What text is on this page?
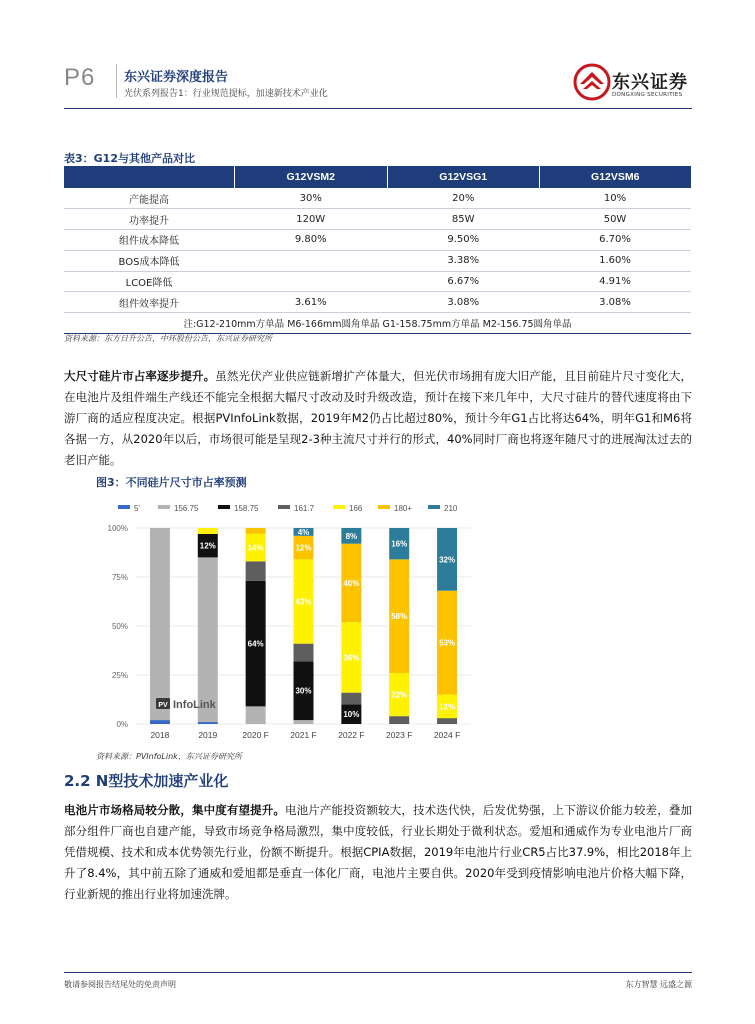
P6 东兴证券深度报告
光伏系列报告1：行业规范提标，加速新技术产业化
东兴证券
DONGXING SECURITIES
表3：G12与其他产品对比
	G12VSM2	G12VSG1	G12VSM6
产能提高	30%	20%	10%
功率提升	120W	85W	50W
组件成本降低	9.80%	9.50%	6.70%
BOS成本降低		3.38%	1.60%
LCOE降低		6.67%	4.91%
组件效率提升	3.61%	3.08%	3.08%
注:G12-210mm方单晶 M6-166mm圆角单晶 G1-158.75mm方单晶 M2-156.75圆角单晶			
资料来源：东方日升公告，中环股份公告，东兴证券研究所
大尺寸硅片市占率逐步提升。虽然光伏产业供应链新增扩产体量大，但光伏市场拥有庞大旧产能，且目前硅片尺寸变化大，在电池片及组件端生产线还不能完全根据大幅尺寸改动及时升级改造，预计在接下来几年中，大尺寸硅片的替代速度将由下游厂商的适应程度决定。根据PVInfoLink数据，2019年M2仍占比超过80%，预计今年G1占比将达64%，明年G1和M6将各据一方，从2020年以后，市场很可能是呈现2-3种主流尺寸并行的形式，40%同时厂商也将逐年随尺寸的进展淘汰过去的老旧产能。
图3：不同硅片尺寸市占率预测
0%
25%
50%
75%
100%
5'	156.75	158.75	161.7	166	180+	210
2018	2019	2020 F	2021 F	2022 F	2023 F	2024 F
12%
64%
14%
30%
43%
12%
4%
10%
36%
40%
8%
22%
58%
16%
12%
53%
32%
PV InfoLink
资料来源：PVInfoLink，东兴证券研究所
2.2 N型技术加速产业化
电池片市场格局较分散，集中度有望提升。电池片产能投资额较大，技术迭代快，后发优势强，上下游议价能力较差，叠加部分组件厂商也自建产能，导致市场竞争格局激烈，集中度较低，行业长期处于微利状态。爱旭和通威作为专业电池片厂商凭借规模、技术和成本优势领先行业，份额不断提升。根据CPIA数据，2019年电池片行业CR5占比37.9%，相比2018年上升了8.4%，其中前五除了通威和爱旭都是垂直一体化厂商，电池片主要自供。2020年受到疫情影响电池片价格大幅下降，行业新规的推出行业将加速洗牌。
敬请参阅报告结尾处的免责声明	东方智慧 远盛之源
